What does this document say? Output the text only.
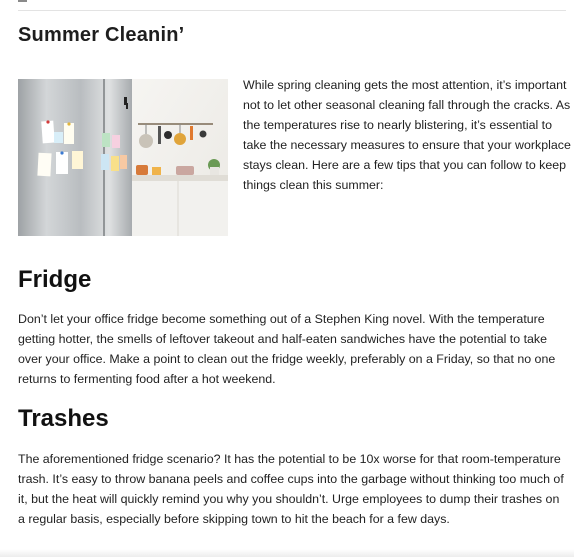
Summer Cleanin’

While spring cleaning gets the most attention, it’s important not to let other seasonal cleaning fall through the cracks. As the temperatures rise to nearly blistering, it’s essential to take the necessary measures to ensure that your workplace stays clean. Here are a few tips that you can follow to keep things clean this summer:

Fridge

Don’t let your office fridge become something out of a Stephen King novel. With the temperature getting hotter, the smells of leftover takeout and half-eaten sandwiches have the potential to take over your office. Make a point to clean out the fridge weekly, preferably on a Friday, so that no one returns to fermenting food after a hot weekend.

Trashes

The aforementioned fridge scenario? It has the potential to be 10x worse for that room-temperature trash. It’s easy to throw banana peels and coffee cups into the garbage without thinking too much of it, but the heat will quickly remind you why you shouldn’t. Urge employees to dump their trashes on a regular basis, especially before skipping town to hit the beach for a few days.
